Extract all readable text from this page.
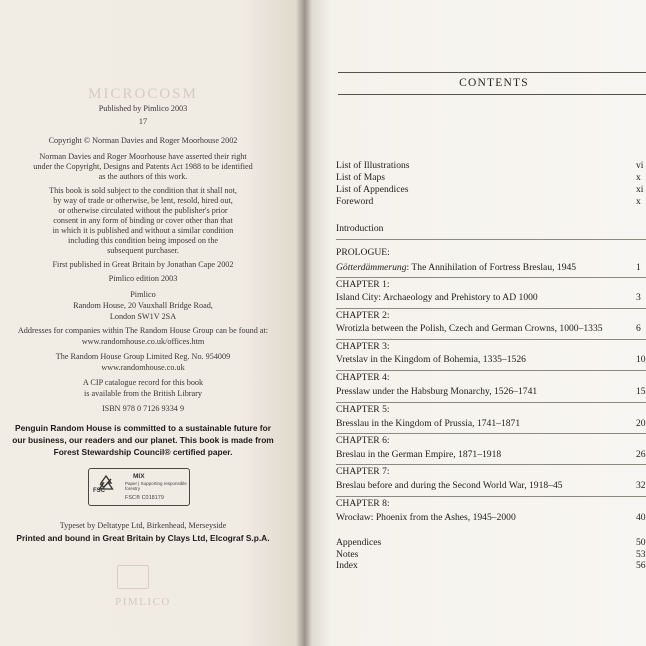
MICROCOSM
Published by Pimlico 2003
17
Copyright © Norman Davies and Roger Moorhouse 2002
Norman Davies and Roger Moorhouse have asserted their right
under the Copyright, Designs and Patents Act 1988 to be identified
as the authors of this work.
This book is sold subject to the condition that it shall not,
by way of trade or otherwise, be lent, resold, hired out,
or otherwise circulated without the publisher's prior
consent in any form of binding or cover other than that
in which it is published and without a similar condition
including this condition being imposed on the
subsequent purchaser.
First published in Great Britain by Jonathan Cape 2002
Pimlico edition 2003
Pimlico
Random House, 20 Vauxhall Bridge Road,
London SW1V 2SA
Addresses for companies within The Random House Group can be found at:
www.randomhouse.co.uk/offices.htm
The Random House Group Limited Reg. No. 954009
www.randomhouse.co.uk
A CIP catalogue record for this book
is available from the British Library
ISBN 978 0 7126 9334 9
Penguin Random House is committed to a sustainable future for
our business, our readers and our planet. This book is made from
Forest Stewardship Council® certified paper.
FSC
MIX
Paper | Supporting responsible forestry
FSC® C018179
Typeset by Deltatype Ltd, Birkenhead, Merseyside
Printed and bound in Great Britain by Clays Ltd, Elcograf S.p.A.
PIMLICO
CONTENTS
List of Illustrations	vi
List of Maps	x
List of Appendices	xi
Foreword	x
Introduction
PROLOGUE:
Götterdämmerung: The Annihilation of Fortress Breslau, 1945	1
CHAPTER 1:
Island City: Archaeology and Prehistory to AD 1000	3
CHAPTER 2:
Wrotizla between the Polish, Czech and German Crowns, 1000–1335	6
CHAPTER 3:
Vretslav in the Kingdom of Bohemia, 1335–1526	10
CHAPTER 4:
Presslaw under the Habsburg Monarchy, 1526–1741	15
CHAPTER 5:
Bresslau in the Kingdom of Prussia, 1741–1871	20
CHAPTER 6:
Breslau in the German Empire, 1871–1918	26
CHAPTER 7:
Breslau before and during the Second World War, 1918–45	32
CHAPTER 8:
Wrocław: Phoenix from the Ashes, 1945–2000	40
Appendices	50
Notes	53
Index	56
